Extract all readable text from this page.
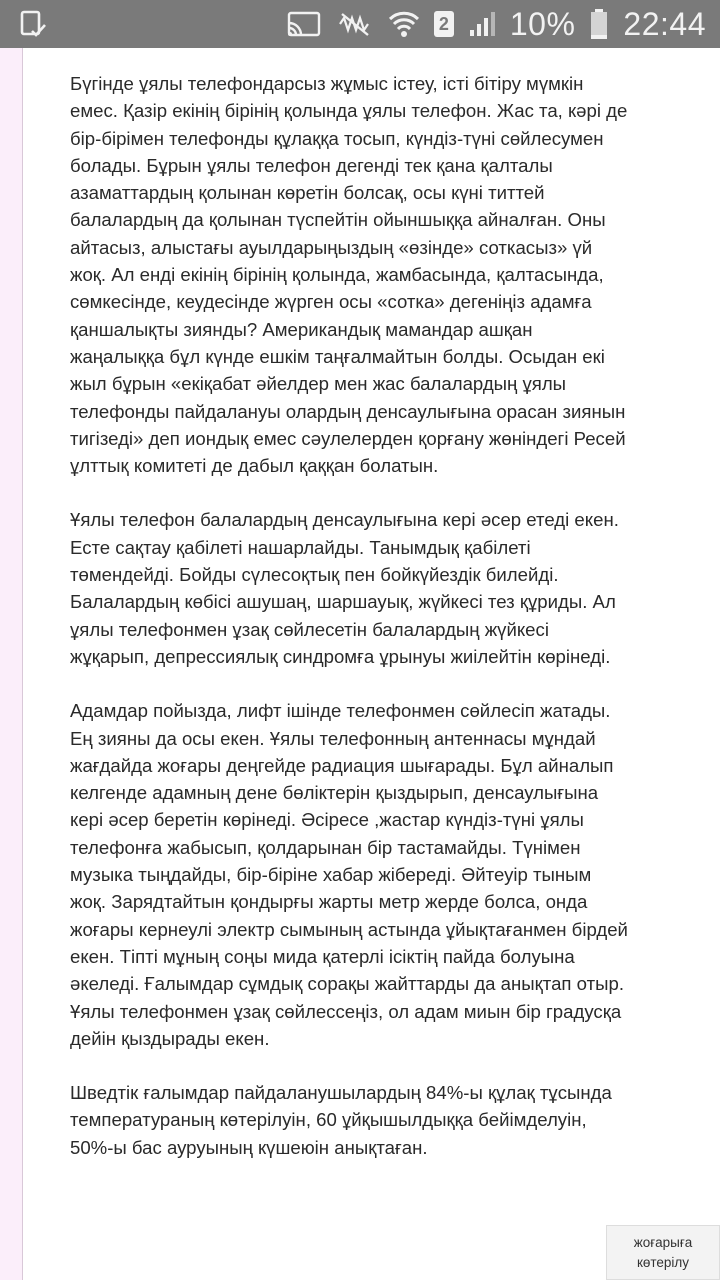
2 10% 22:44

Бүгінде ұялы телефондарсыз жұмыс істеу, істі бітіру мүмкін емес. Қазір екінің бірінің қолында ұялы телефон. Жас та, кәрі де бір-бірімен телефонды құлаққа тосып, күндіз-түні сөйлесумен болады. Бұрын ұялы телефон дегенді тек қана қалталы азаматтардың қолынан көретін болсақ, осы күні титтей балалардың да қолынан түспейтін ойыншыққа айналған. Оны айтасыз, алыстағы ауылдарыңыздың «өзінде» соткасыз» үй жоқ. Ал енді екінің бірінің қолында, жамбасында, қалтасында, сөмкесінде, кеудесінде жүрген осы «сотка» дегеніңіз адамға қаншалықты зиянды? Американдық мамандар ашқан жаңалыққа бұл күнде ешкім таңғалмайтын болды. Осыдан екі жыл бұрын «екіқабат әйелдер мен жас балалардың ұялы телефонды пайдалануы олардың денсаулығына орасан зиянын тигізеді» деп иондық емес сәулелерден қорғану жөніндегі Ресей ұлттық комитеті де дабыл қаққан болатын.

Ұялы телефон балалардың денсаулығына кері әсер етеді екен. Есте сақтау қабілеті нашарлайды. Танымдық қабілеті төмендейді. Бойды сүлесоқтық пен бойкүйездік билейді. Балалардың көбісі ашушаң, шаршауық, жүйкесі тез құриды. Ал ұялы телефонмен ұзақ сөйлесетін балалардың жүйкесі жұқарып, депрессиялық синдромға ұрынуы жиілейтін көрінеді.

Адамдар пойызда, лифт ішінде телефонмен сөйлесіп жатады. Ең зияны да осы екен. Ұялы телефонның антеннасы мұндай жағдайда жоғары деңгейде радиация шығарады. Бұл айналып келгенде адамның дене бөліктерін қыздырып, денсаулығына кері әсер беретін көрінеді. Әсіресе ,жастар күндіз-түні ұялы телефонға жабысып, қолдарынан бір тастамайды. Түнімен музыка тыңдайды, бір-біріне хабар жібереді. Әйтеуір тыным жоқ. Зарядтайтын қондырғы жарты метр жерде болса, онда жоғары кернеулі электр сымының астында ұйықтағанмен бірдей екен. Тіпті мұның соңы мида қатерлі ісіктің пайда болуына әкеледі. Ғалымдар сұмдық сорақы жайттарды да анықтап отыр. Ұялы телефонмен ұзақ сөйлессеңіз, ол адам миын бір градусқа дейін қыздырады екен.

Шведтік ғалымдар пайдаланушылардың 84%-ы құлақ тұсында температураның көтерілуін, 60 ұйқышылдыққа бейімделуін, 50%-ы бас ауруының күшеюін анықтаған.

жоғарыға көтерілу
